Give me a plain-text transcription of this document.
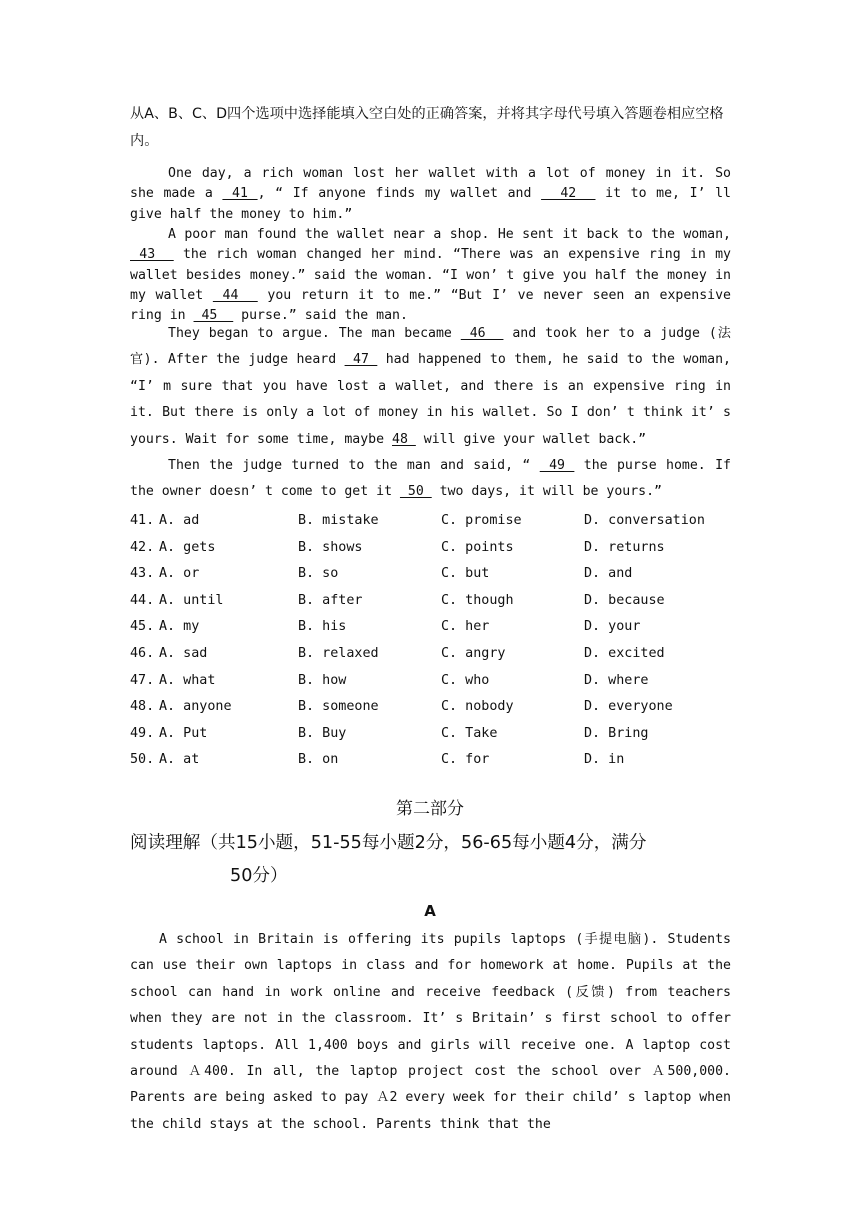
从A、B、C、D四个选项中选择能填入空白处的正确答案，并将其字母代号填入答题卷相应空格内。

One day, a rich woman lost her wallet with a lot of money in it. So she made a  41 , “ If anyone finds my wallet and   42   it to me, I’ ll give half the money to him.”

A poor man found the wallet near a shop. He sent it back to the woman,  43   the rich woman changed her mind. “There was an expensive ring in my wallet besides money.” said the woman. “I won’ t give you half the money in my wallet  44   you return it to me.” “But I’ ve never seen an expensive ring in  45   purse.” said the man.

They began to argue. The man became  46   and took her to a judge (法官). After the judge heard  47  had happened to them, he said to the woman, “I’ m sure that you have lost a wallet, and there is an expensive ring in it. But there is only a lot of money in his wallet. So I don’ t think it’ s yours. Wait for some time, maybe 48  will give your wallet back.”

Then the judge turned to the man and said, “  49  the purse home. If the owner doesn’ t come to get it  50  two days, it will be yours.”

41. A. ad	B. mistake	C. promise	D. conversation
42. A. gets	B. shows	C. points	D. returns
43. A. or	B. so	C. but	D. and
44. A. until	B. after	C. though	D. because
45. A. my	B. his	C. her	D. your
46. A. sad	B. relaxed	C. angry	D. excited
47. A. what	B. how	C. who	D. where
48. A. anyone	B. someone	C. nobody	D. everyone
49. A. Put	B. Buy	C. Take	D. Bring
50. A. at	B. on	C. for	D. in
第二部分

阅读理解（共15小题，51-55每小题2分，56-65每小题4分，满分
50分）

A

A school in Britain is offering its pupils laptops (手提电脑). Students can use their own laptops in class and for homework at home. Pupils at the school can hand in work online and receive feedback (反馈) from teachers when they are not in the classroom. It’ s Britain’ s first school to offer students laptops. All 1,400 boys and girls will receive one. A laptop cost around Ａ400. In all, the laptop project cost the school over Ａ500,000. Parents are being asked to pay Ａ2 every week for their child’ s laptop when the child stays at the school. Parents think that the
